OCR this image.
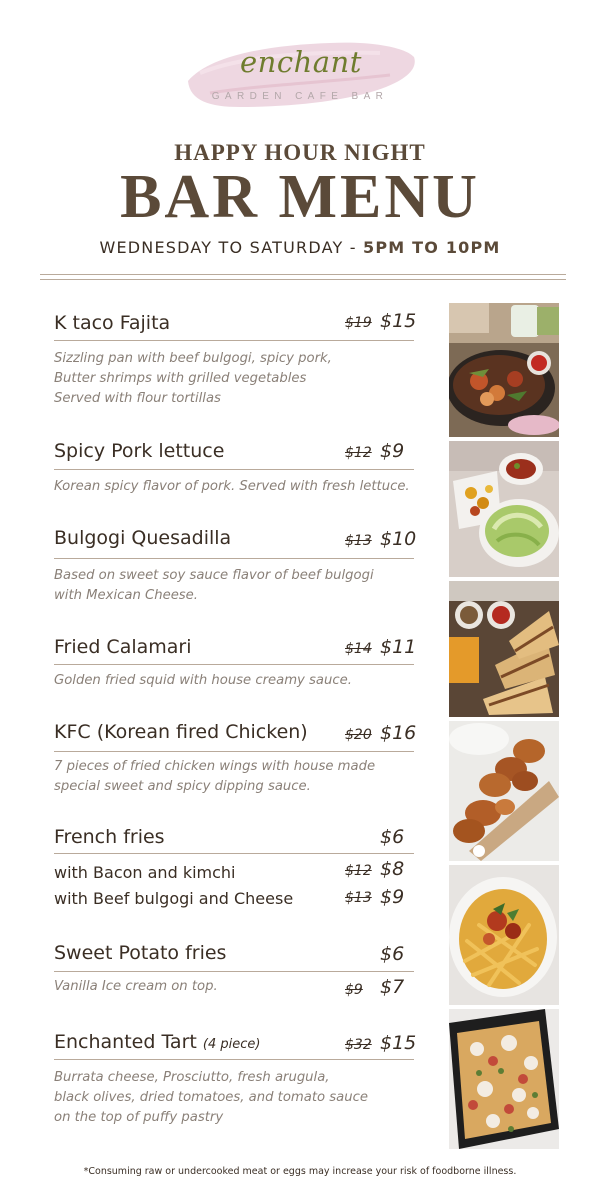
enchant
GARDEN CAFE BAR
HAPPY HOUR NIGHT
BAR MENU
WEDNESDAY TO SATURDAY - 5PM TO 10PM
K taco Fajita	$19 $15
Sizzling pan with beef bulgogi, spicy pork,
Butter shrimps with grilled vegetables
Served with flour tortillas
Spicy Pork lettuce	$12 $9
Korean spicy flavor of pork. Served with fresh lettuce.
Bulgogi Quesadilla	$13 $10
Based on sweet soy sauce flavor of beef bulgogi
with Mexican Cheese.
Fried Calamari	$14 $11
Golden fried squid with house creamy sauce.
KFC (Korean fired Chicken)	$20 $16
7 pieces of fried chicken wings with house made
special sweet and spicy dipping sauce.
French fries	$6
with Bacon and kimchi	$12 $8
with Beef bulgogi and Cheese	$13 $9
Sweet Potato fries	$6
Vanilla Ice cream on top.	$9 $7
Enchanted Tart (4 piece)	$32 $15
Burrata cheese, Prosciutto, fresh arugula,
black olives, dried tomatoes, and tomato sauce
on the top of puffy pastry
*Consuming raw or undercooked meat or eggs may increase your risk of foodborne illness.
